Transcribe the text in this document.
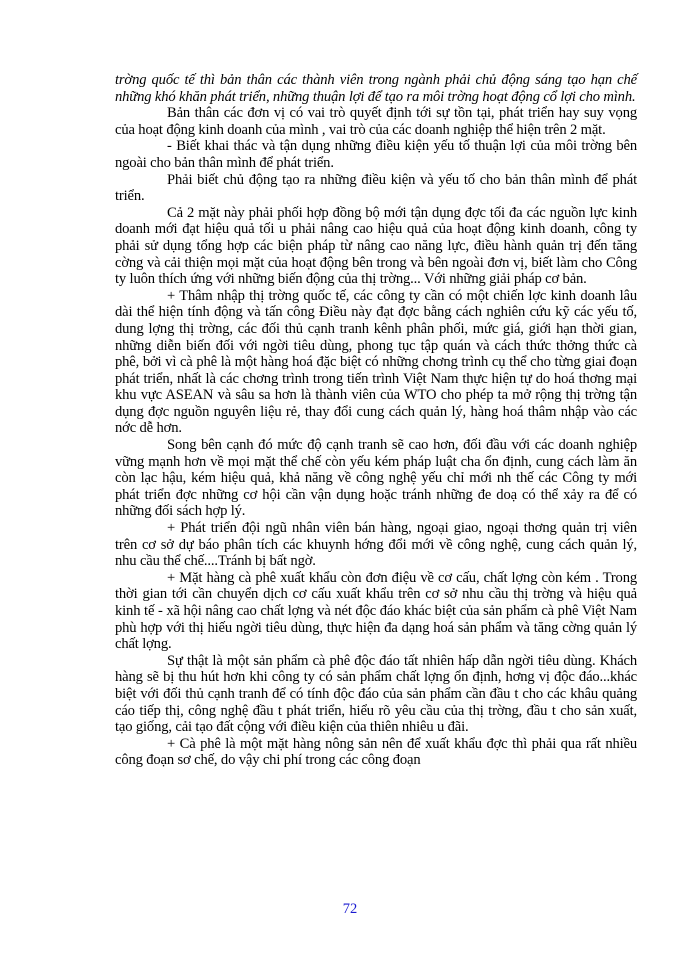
trờng quốc tế thì bản thân các thành viên trong ngành phải chủ động sáng tạo hạn chế những khó khăn phát triển, những thuận lợi để tạo ra môi trờng hoạt động cổ lợi cho mình.

Bản thân các đơn vị có vai trò quyết định tới sự tồn tại, phát triển hay suy vọng của hoạt động kinh doanh của mình , vai trò của các doanh nghiệp thể hiện trên 2 mặt.

- Biết khai thác và tận dụng những điều kiện yếu tố thuận lợi của môi trờng bên ngoài cho bản thân mình để phát triển.

Phải biết chủ động tạo ra những điều kiện và yếu tố cho bản thân mình để phát triển.

Cả 2 mặt này phải phối hợp đồng bộ mới tận dụng đợc tối đa các nguồn lực kinh doanh mới đạt hiệu quả tối u phải nâng cao hiệu quả của hoạt động kinh doanh, công ty phải sử dụng tổng hợp các biện pháp từ nâng cao năng lực, điều hành quản trị đến tăng cờng và cải thiện mọi mặt của hoạt động bên trong và bên ngoài đơn vị, biết làm cho Công ty luôn thích ứng với những biến động của thị trờng... Với những giải pháp cơ bản.

+ Thâm nhập thị trờng quốc tế, các công ty cần có một chiến lợc kinh doanh lâu dài thể hiện tính động và tấn công Điều này đạt đợc bằng cách nghiên cứu kỹ các yếu tố, dung lợng thị trờng, các đối thủ cạnh tranh kênh phân phối, mức giá, giới hạn thời gian, những diễn biến đối với ngời tiêu dùng, phong tục tập quán và cách thức thởng thức cà phê, bởi vì cà phê là một hàng hoá đặc biệt có những chơng trình cụ thể cho từng giai đoạn phát triển, nhất là các chơng trình trong tiến trình Việt Nam thực hiện tự do hoá thơng mại khu vực ASEAN và sâu sa hơn là thành viên của WTO cho phép ta mở rộng thị trờng tận dụng đợc nguồn nguyên liệu rẻ, thay đổi cung cách quản lý, hàng hoá thâm nhập vào các nớc dễ hơn.

Song bên cạnh đó mức độ cạnh tranh sẽ cao hơn, đối đầu với các doanh nghiệp vững mạnh hơn về mọi mặt thể chế còn yếu kém pháp luật cha ổn định, cung cách làm ăn còn lạc hậu, kém hiệu quả, khả năng về công nghệ yếu chỉ mới nh thế các Công ty mới phát triển đợc những cơ hội cần vận dụng hoặc tránh những đe doạ có thể xảy ra để có những đối sách hợp lý.

+ Phát triển đội ngũ nhân viên bán hàng, ngoại giao, ngoại thơng quản trị viên trên cơ sở dự báo phân tích các khuynh hớng đổi mới về công nghệ, cung cách quản lý, nhu cầu thể chế....Tránh bị bất ngờ.

+ Mặt hàng cà phê xuất khẩu còn đơn điệu về cơ cấu, chất lợng còn kém . Trong thời gian tới cần chuyển dịch cơ cấu xuất khẩu trên cơ sở nhu cầu thị trờng và hiệu quả kinh tế - xã hội nâng cao chất lợng và nét độc đáo khác biệt của sản phẩm cà phê Việt Nam phù hợp với thị hiếu ngời tiêu dùng, thực hiện đa dạng hoá sản phẩm và tăng cờng quản lý chất lợng.

Sự thật là một sản phẩm cà phê độc đáo tất nhiên hấp dẫn ngời tiêu dùng. Khách hàng sẽ bị thu hút hơn khi công ty có sản phẩm chất lợng ổn định, hơng vị độc đáo...khác biệt với đối thủ cạnh tranh để có tính độc đáo của sản phẩm cần đầu t cho các khâu quảng cáo tiếp thị, công nghệ đầu t phát triển, hiểu rõ yêu cầu của thị trờng, đầu t cho sản xuất, tạo giống, cải tạo đất cộng với điều kiện của thiên nhiêu u đãi.

+ Cà phê là một mặt hàng nông sản nên để xuất khẩu đợc thì phải qua rất nhiều công đoạn sơ chế, do vậy chi phí trong các công đoạn

72
